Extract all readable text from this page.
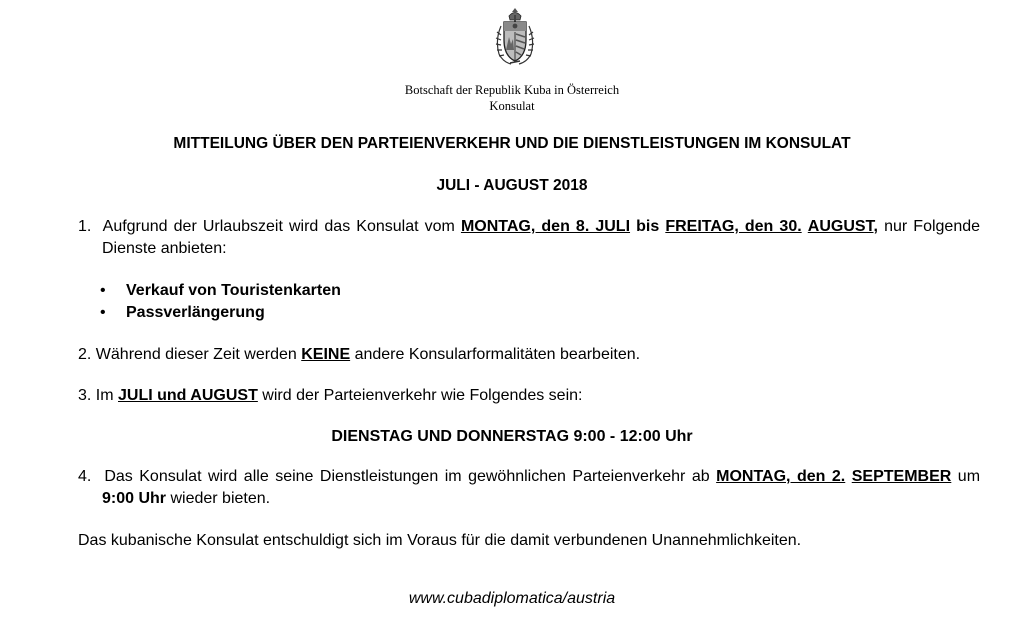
Botschaft der Republik Kuba in Österreich
Konsulat
MITTEILUNG ÜBER DEN PARTEIENVERKEHR UND DIE DIENSTLEISTUNGEN IM KONSULAT
JULI - AUGUST 2018
1. Aufgrund der Urlaubszeit wird das Konsulat vom MONTAG, den 8. JULI bis FREITAG, den 30. AUGUST, nur Folgende Dienste anbieten:
• Verkauf von Touristenkarten
• Passverlängerung
2. Während dieser Zeit werden KEINE andere Konsularformalitäten bearbeiten.
3. Im JULI und AUGUST wird der Parteienverkehr wie Folgendes sein:
DIENSTAG UND DONNERSTAG 9:00 - 12:00 Uhr
4. Das Konsulat wird alle seine Dienstleistungen im gewöhnlichen Parteienverkehr ab MONTAG, den 2. SEPTEMBER um 9:00 Uhr wieder bieten.
Das kubanische Konsulat entschuldigt sich im Voraus für die damit verbundenen Unannehmlichkeiten.
www.cubadiplomatica/austria
